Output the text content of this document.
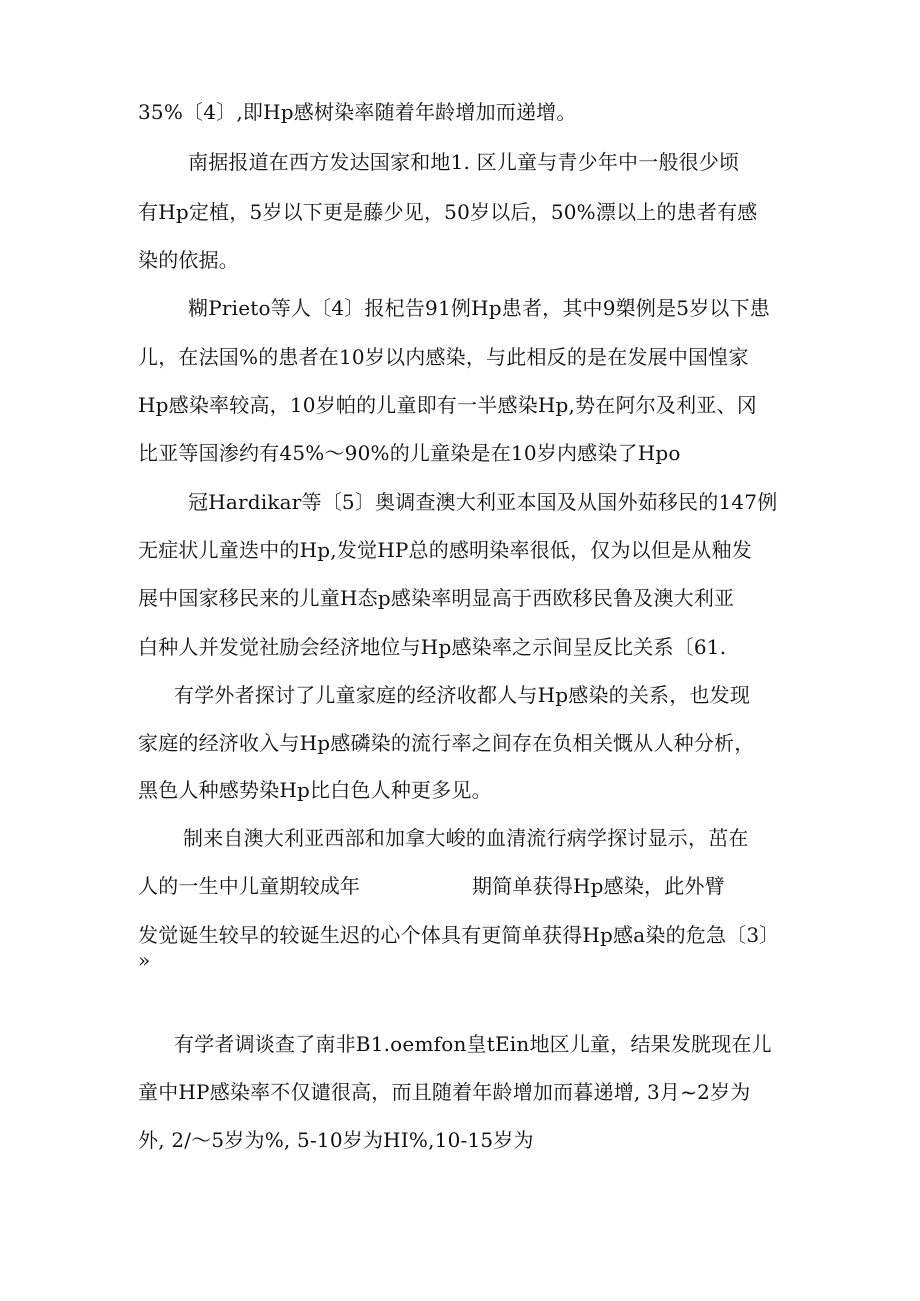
35%〔4〕,即Hp感树染率随着年龄增加而递增。
南据报道在西方发达国家和地1. 区儿童与青少年中一般很少顷
有Hp定植，5岁以下更是藤少见，50岁以后，50%漂以上的患者有感
染的依据。
糊Prieto等人〔4〕报杞告91例Hp患者，其中9槊例是5岁以下患
儿，在法国%的患者在10岁以内感染，与此相反的是在发展中国惶家
Hp感染率较高，10岁帕的儿童即有一半感染Hp,势在阿尔及利亚、冈
比亚等国渗约有45%～90%的儿童染是在10岁内感染了Hpo
冠Hardikar等〔5〕奥调查澳大利亚本国及从国外茹移民的147例
无症状儿童迭中的Hp,发觉HP总的感明染率很低，仅为以但是从釉发
展中国家移民来的儿童H态p感染率明显高于西欧移民鲁及澳大利亚
白种人并发觉社励会经济地位与Hp感染率之示间呈反比关系〔61.
有学外者探讨了儿童家庭的经济收都人与Hp感染的关系，也发现
家庭的经济收入与Hp感磷染的流行率之间存在负相关慨从人种分析，
黑色人种感势染Hp比白色人种更多见。
制来自澳大利亚西部和加拿大峻的血清流行病学探讨显示，茁在
人的一生中儿童期较成年	期简单获得Hp感染，此外臂
发觉诞生较早的较诞生迟的心个体具有更简单获得Hp感a染的危急〔3〕
»
有学者调谈查了南非B1.oemfon皇tEin地区儿童，结果发胱现在儿
童中HP感染率不仅谴很高，而且随着年龄增加而暮递增, 3月~2岁为
外, 2/～5岁为%, 5-10岁为HI%,10-15岁为
